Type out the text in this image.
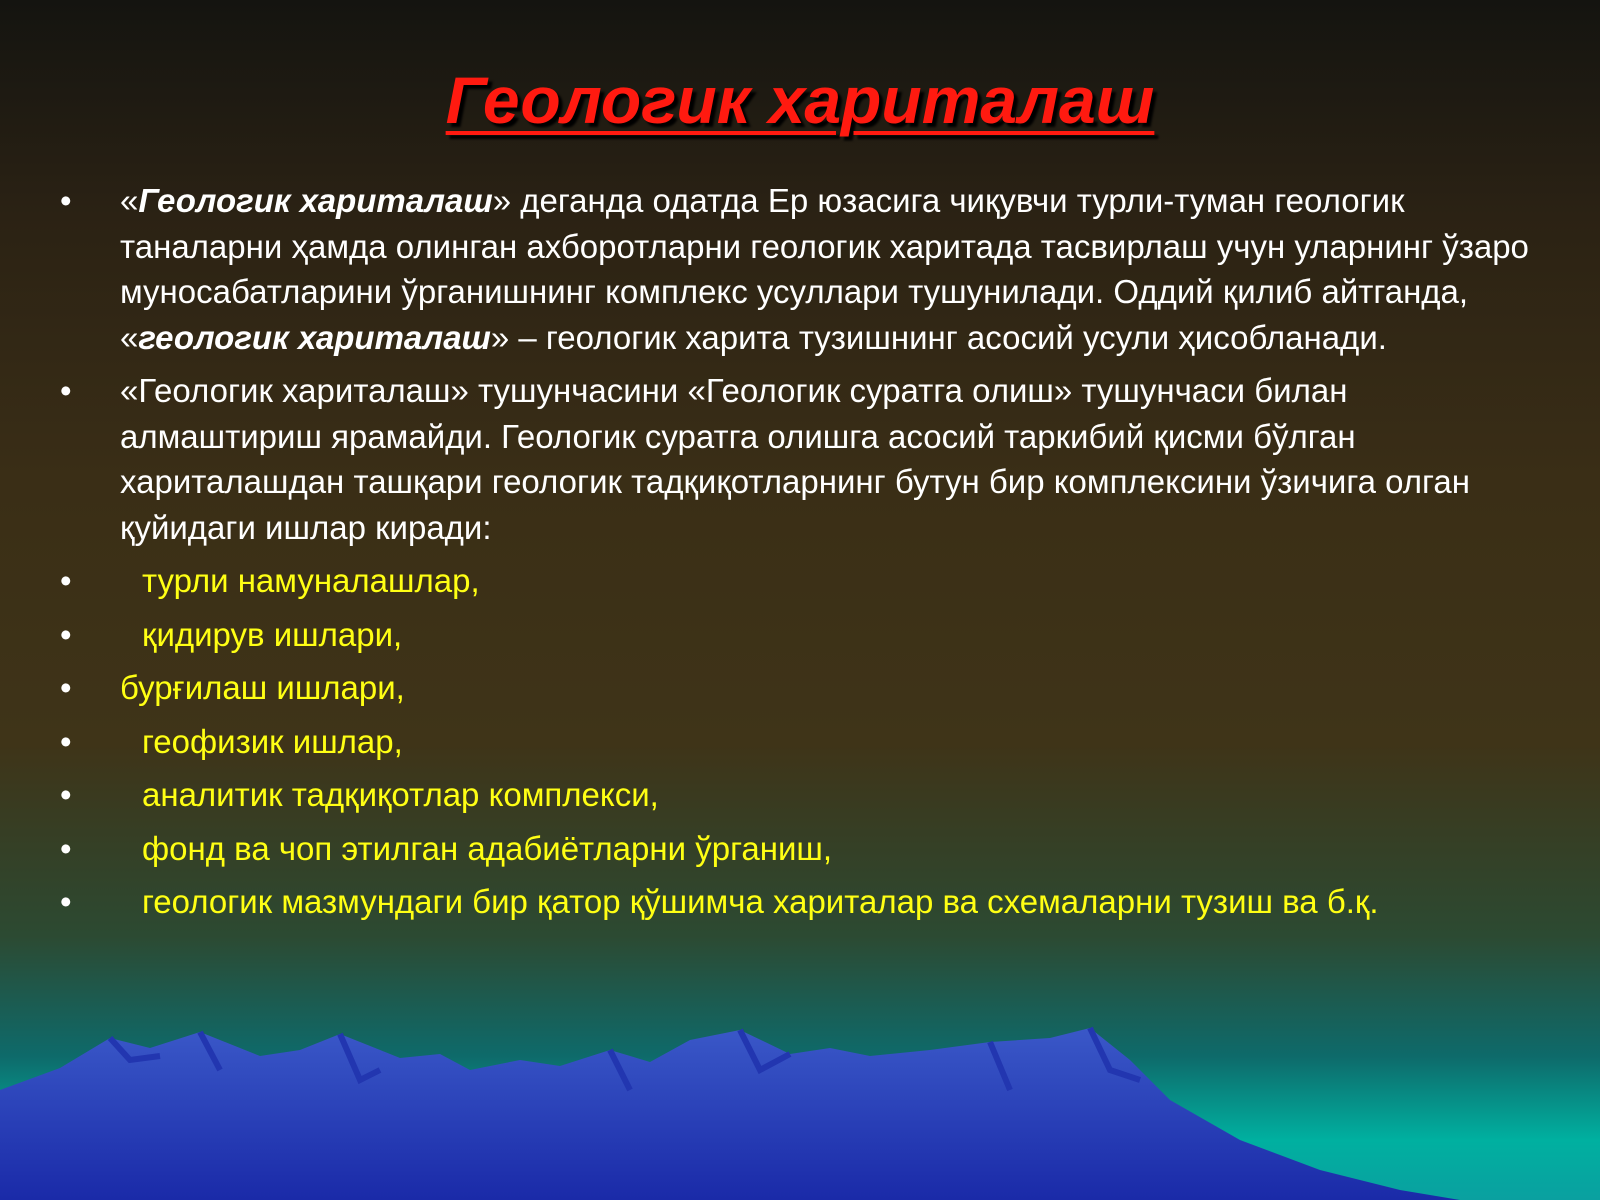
Геологик хариталаш
• «Геологик хариталаш» деганда одатда Ер юзасига чиқувчи турли-туман геологик таналарни ҳамда олинган ахборотларни геологик харитада тасвирлаш учун уларнинг ўзаро муносабатларини ўрганишнинг комплекс усуллари тушунилади. Оддий қилиб айтганда, «геологик хариталаш» – геологик харита тузишнинг асосий усули ҳисобланади.
• «Геологик хариталаш» тушунчасини «Геологик суратга олиш» тушунчаси билан алмаштириш ярамайди. Геологик суратга олишга асосий таркибий қисми бўлган хариталашдан ташқари геологик тадқиқотларнинг бутун бир комплексини ўзичига олган қуйидаги ишлар киради:
• турли намуналашлар,
• қидирув ишлари,
• бурғилаш ишлари,
• геофизик ишлар,
• аналитик тадқиқотлар комплекси,
• фонд ва чоп этилган адабиётларни ўрганиш,
• геологик мазмундаги бир қатор қўшимча хариталар ва схемаларни тузиш ва б.қ.
